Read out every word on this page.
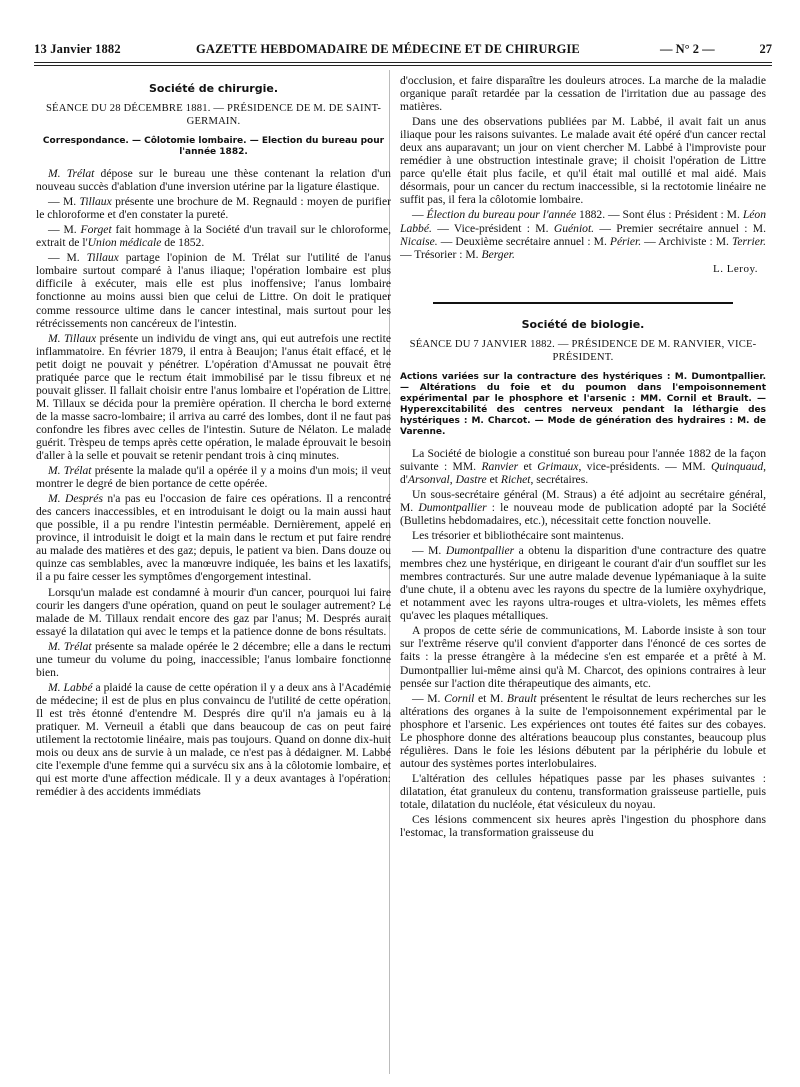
13 Janvier 1882	GAZETTE HEBDOMADAIRE DE MÉDECINE ET DE CHIRURGIE	— N° 2 —	27
Société de chirurgie.
SÉANCE DU 28 DÉCEMBRE 1881. — PRÉSIDENCE DE M. DE SAINT-GERMAIN.
Correspondance. — Côlotomie lombaire. — Election du bureau pour l'année 1882.

M. Trélat dépose sur le bureau une thèse contenant la relation d'un nouveau succès d'ablation d'une inversion utérine par la ligature élastique.

— M. Tillaux présente une brochure de M. Regnauld : moyen de purifier le chloroforme et d'en constater la pureté.

— M. Forget fait hommage à la Société d'un travail sur le chloroforme, extrait de l'Union médicale de 1852.

— M. Tillaux partage l'opinion de M. Trélat sur l'utilité de l'anus lombaire surtout comparé à l'anus iliaque; l'opération lombaire est plus difficile à exécuter, mais elle est plus inoffensive; l'anus lombaire fonctionne au moins aussi bien que celui de Littre. On doit le pratiquer comme ressource ultime dans le cancer intestinal, mais surtout pour les rétrécissements non cancéreux de l'intestin.

M. Tillaux présente un individu de vingt ans, qui eut autrefois une rectite inflammatoire. En février 1879, il entra à Beaujon; l'anus était effacé, et le petit doigt ne pouvait y pénétrer. L'opération d'Amussat ne pouvait être pratiquée parce que le rectum était immobilisé par le tissu fibreux et ne pouvait glisser. Il fallait choisir entre l'anus lombaire et l'opération de Littre. M. Tillaux se décida pour la première opération. Il chercha le bord externe de la masse sacro-lombaire; il arriva au carré des lombes, dont il ne faut pas confondre les fibres avec celles de l'intestin. Suture de Nélaton. Le malade guérit. Trèspeu de temps après cette opération, le malade éprouvait le besoin d'aller à la selle et pouvait se retenir pendant trois à cinq minutes.

M. Trélat présente la malade qu'il a opérée il y a moins d'un mois; il veut montrer le degré de bien portance de cette opérée.

M. Després n'a pas eu l'occasion de faire ces opérations. Il a rencontré des cancers inaccessibles, et en introduisant le doigt ou la main aussi haut que possible, il a pu rendre l'intestin perméable. Dernièrement, appelé en province, il introduisit le doigt et la main dans le rectum et put faire rendre au malade des matières et des gaz; depuis, le patient va bien. Dans douze ou quinze cas semblables, avec la manœuvre indiquée, les bains et les laxatifs, il a pu faire cesser les symptômes d'engorgement intestinal.

Lorsqu'un malade est condamné à mourir d'un cancer, pourquoi lui faire courir les dangers d'une opération, quand on peut le soulager autrement? Le malade de M. Tillaux rendait encore des gaz par l'anus; M. Després aurait essayé la dilatation qui avec le temps et la patience donne de bons résultats.

M. Trélat présente sa malade opérée le 2 décembre; elle a dans le rectum une tumeur du volume du poing, inaccessible; l'anus lombaire fonctionne bien.

M. Labbé a plaidé la cause de cette opération il y a deux ans à l'Académie de médecine; il est de plus en plus convaincu de l'utilité de cette opération. Il est très étonné d'entendre M. Després dire qu'il n'a jamais eu à la pratiquer. M. Verneuil a établi que dans beaucoup de cas on peut faire utilement la rectotomie linéaire, mais pas toujours. Quand on donne dix-huit mois ou deux ans de survie à un malade, ce n'est pas à dédaigner. M. Labbé cite l'exemple d'une femme qui a survécu six ans à la côlotomie lombaire, et qui est morte d'une affection médicale. Il y a deux avantages à l'opération: remédier à des accidents immédiats

d'occlusion, et faire disparaître les douleurs atroces. La marche de la maladie organique paraît retardée par la cessation de l'irritation due au passage des matières.

Dans une des observations publiées par M. Labbé, il avait fait un anus iliaque pour les raisons suivantes. Le malade avait été opéré d'un cancer rectal deux ans auparavant; un jour on vient chercher M. Labbé à l'improviste pour remédier à une obstruction intestinale grave; il choisit l'opération de Littre parce qu'elle était plus facile, et qu'il était mal outillé et mal aidé. Mais désormais, pour un cancer du rectum inaccessible, si la rectotomie linéaire ne suffit pas, il fera la côlotomie lombaire.

— Élection du bureau pour l'année 1882. — Sont élus : Président : M. Léon Labbé. — Vice-président : M. Guéniot. — Premier secrétaire annuel : M. Nicaise. — Deuxième secrétaire annuel : M. Périer. — Archiviste : M. Terrier. — Trésorier : M. Berger.

L. Leroy.
Société de biologie.
SÉANCE DU 7 JANVIER 1882. — PRÉSIDENCE DE M. RANVIER, VICE-PRÉSIDENT.
Actions variées sur la contracture des hystériques : M. Dumontpallier. — Altérations du foie et du poumon dans l'empoisonnement expérimental par le phosphore et l'arsenic : MM. Cornil et Brault. — Hyperexcitabilité des centres nerveux pendant la léthargie des hystériques : M. Charcot. — Mode de génération des hydraires : M. de Varenne.

La Société de biologie a constitué son bureau pour l'année 1882 de la façon suivante : MM. Ranvier et Grimaux, vice-présidents. — MM. Quinquaud, d'Arsonval, Dastre et Richet, secrétaires.

Un sous-secrétaire général (M. Straus) a été adjoint au secrétaire général, M. Dumontpallier : le nouveau mode de publication adopté par la Société (Bulletins hebdomadaires, etc.), nécessitait cette fonction nouvelle.

Les trésorier et bibliothécaire sont maintenus.

— M. Dumontpallier a obtenu la disparition d'une contracture des quatre membres chez une hystérique, en dirigeant le courant d'air d'un soufflet sur les membres contracturés. Sur une autre malade devenue lypémaniaque à la suite d'une chute, il a obtenu avec les rayons du spectre de la lumière oxyhydrique, et notamment avec les rayons ultra-rouges et ultra-violets, les mêmes effets qu'avec les plaques métalliques.

A propos de cette série de communications, M. Laborde insiste à son tour sur l'extrême réserve qu'il convient d'apporter dans l'énoncé de ces sortes de faits : la presse étrangère à la médecine s'en est emparée et a prêté à M. Dumontpallier lui-même ainsi qu'à M. Charcot, des opinions contraires à leur pensée sur l'action dite thérapeutique des aimants, etc.

— M. Cornil et M. Brault présentent le résultat de leurs recherches sur les altérations des organes à la suite de l'empoisonnement expérimental par le phosphore et l'arsenic. Les expériences ont toutes été faites sur des cobayes. Le phosphore donne des altérations beaucoup plus constantes, beaucoup plus régulières. Dans le foie les lésions débutent par la périphérie du lobule et autour des systèmes portes interlobulaires.

L'altération des cellules hépatiques passe par les phases suivantes : dilatation, état granuleux du contenu, transformation graisseuse partielle, puis totale, dilatation du nucléole, état vésiculeux du noyau.

Ces lésions commencent six heures après l'ingestion du phosphore dans l'estomac, la transformation graisseuse du
